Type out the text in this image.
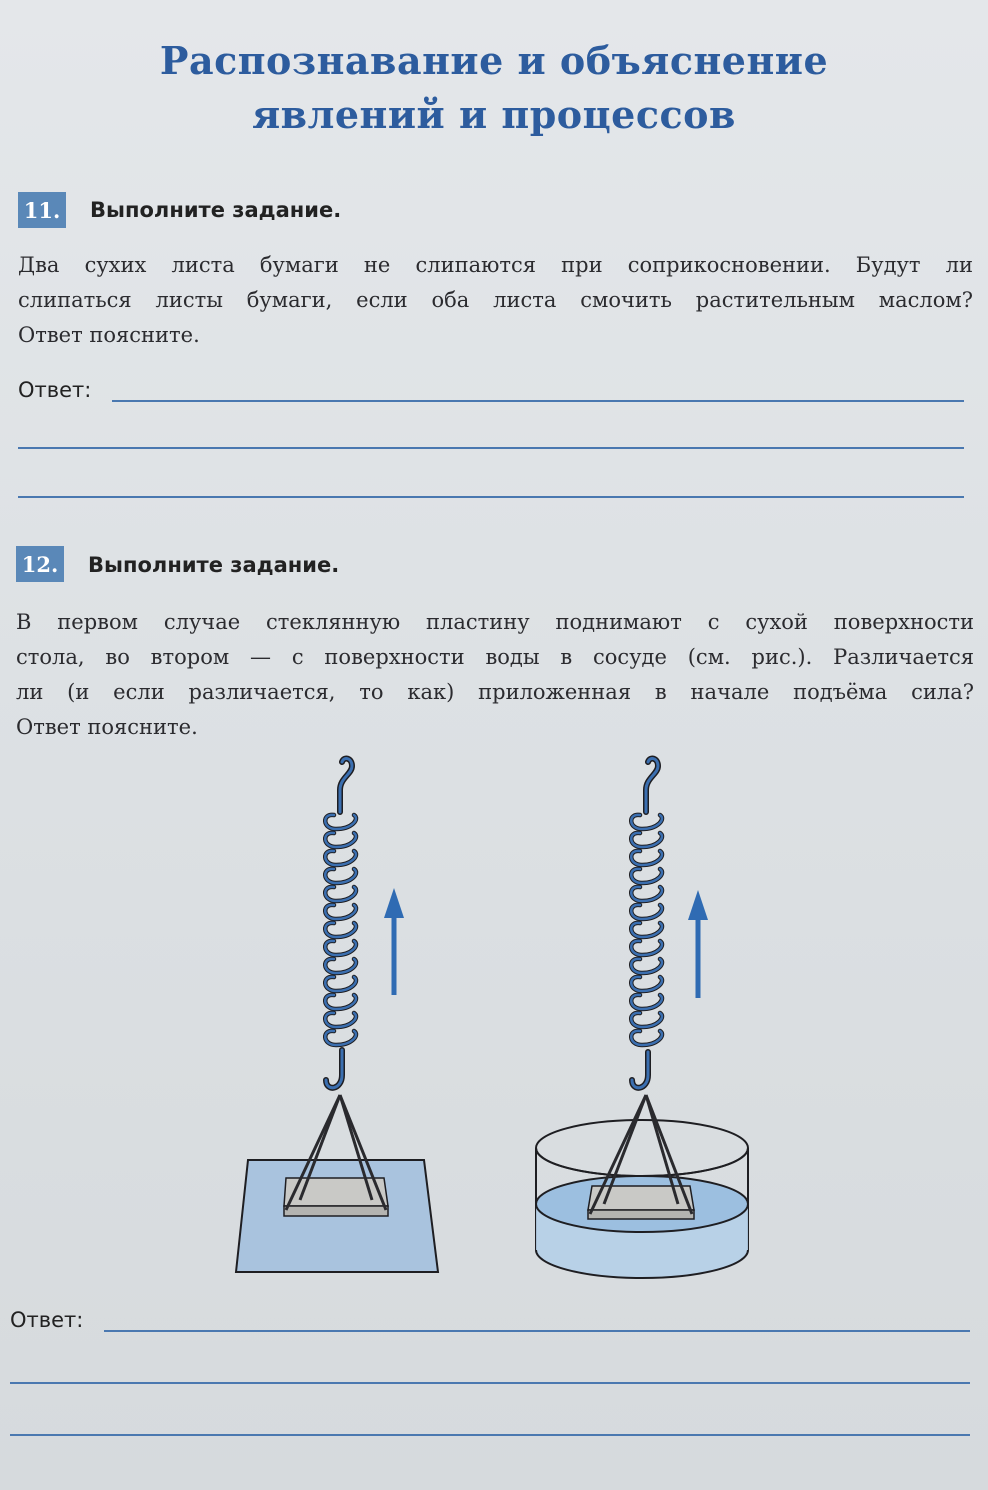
Распознавание и объяснение
явлений и процессов
11. Выполните задание.
Два сухих листа бумаги не слипаются при соприкосновении. Будут ли
слипаться листы бумаги, если оба листа смочить растительным маслом?
Ответ поясните.
Ответ:
12. Выполните задание.
В первом случае стеклянную пластину поднимают с сухой поверхности
стола, во втором — с поверхности воды в сосуде (см. рис.). Различается
ли (и если различается, то как) приложенная в начале подъёма сила?
Ответ поясните.
Ответ:
